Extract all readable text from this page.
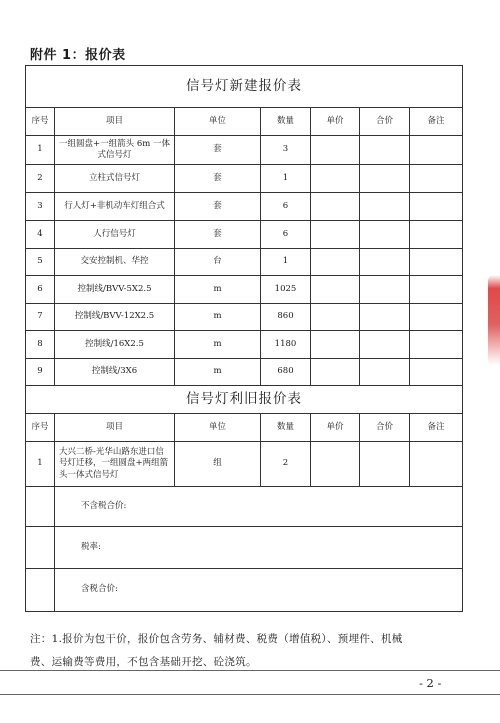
附件 1：报价表
信号灯新建报价表						
序号	项目	单位	数量	单价	合价	备注
1	一组圆盘+一组箭头 6m 一体式信号灯	套	3			
2	立柱式信号灯	套	1			
3	行人灯+非机动车灯组合式	套	6			
4	人行信号灯	套	6			
5	交安控制机、华控	台	1			
6	控制线/BVV-5X2.5	m	1025			
7	控制线/BVV-12X2.5	m	860			
8	控制线/16X2.5	m	1180			
9	控制线/3X6	m	680			
信号灯利旧报价表						
序号	项目	单位	数量	单价	合价	备注
1	大兴二桥-光华山路东进口信号灯迁移，一组圆盘+两组箭头一体式信号灯	组	2			
	不含税合价:					
	税率:					
	含税合价:					
注：1.报价为包干价，报价包含劳务、辅材费、税费（增值税）、预埋件、机械
费、运输费等费用，不包含基础开挖、砼浇筑。
- 2 -
